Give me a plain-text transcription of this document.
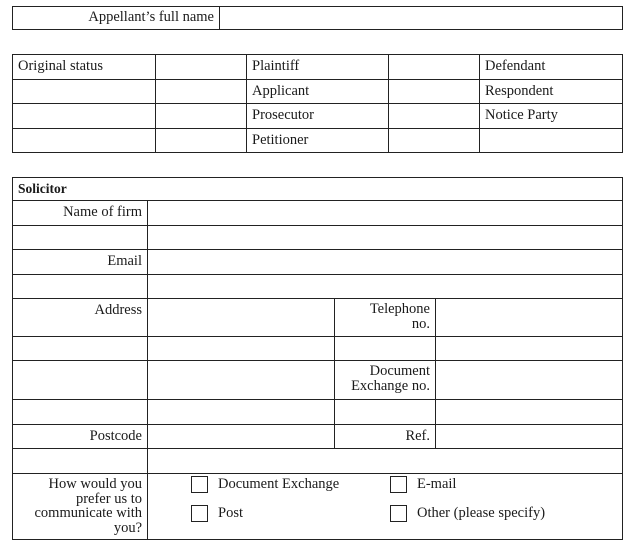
Appellant’s full name	
Original status		Plaintiff		Defendant
		Applicant		Respondent
		Prosecutor		Notice Party
		Petitioner		
Solicitor			
Name of firm			

Email			

Address		Telephone
no.	

		Document
Exchange no.	

Postcode		Ref.	

How would you
prefer us to
communicate with
you?			
Document Exchange	E-mail
Post	Other (please specify)
